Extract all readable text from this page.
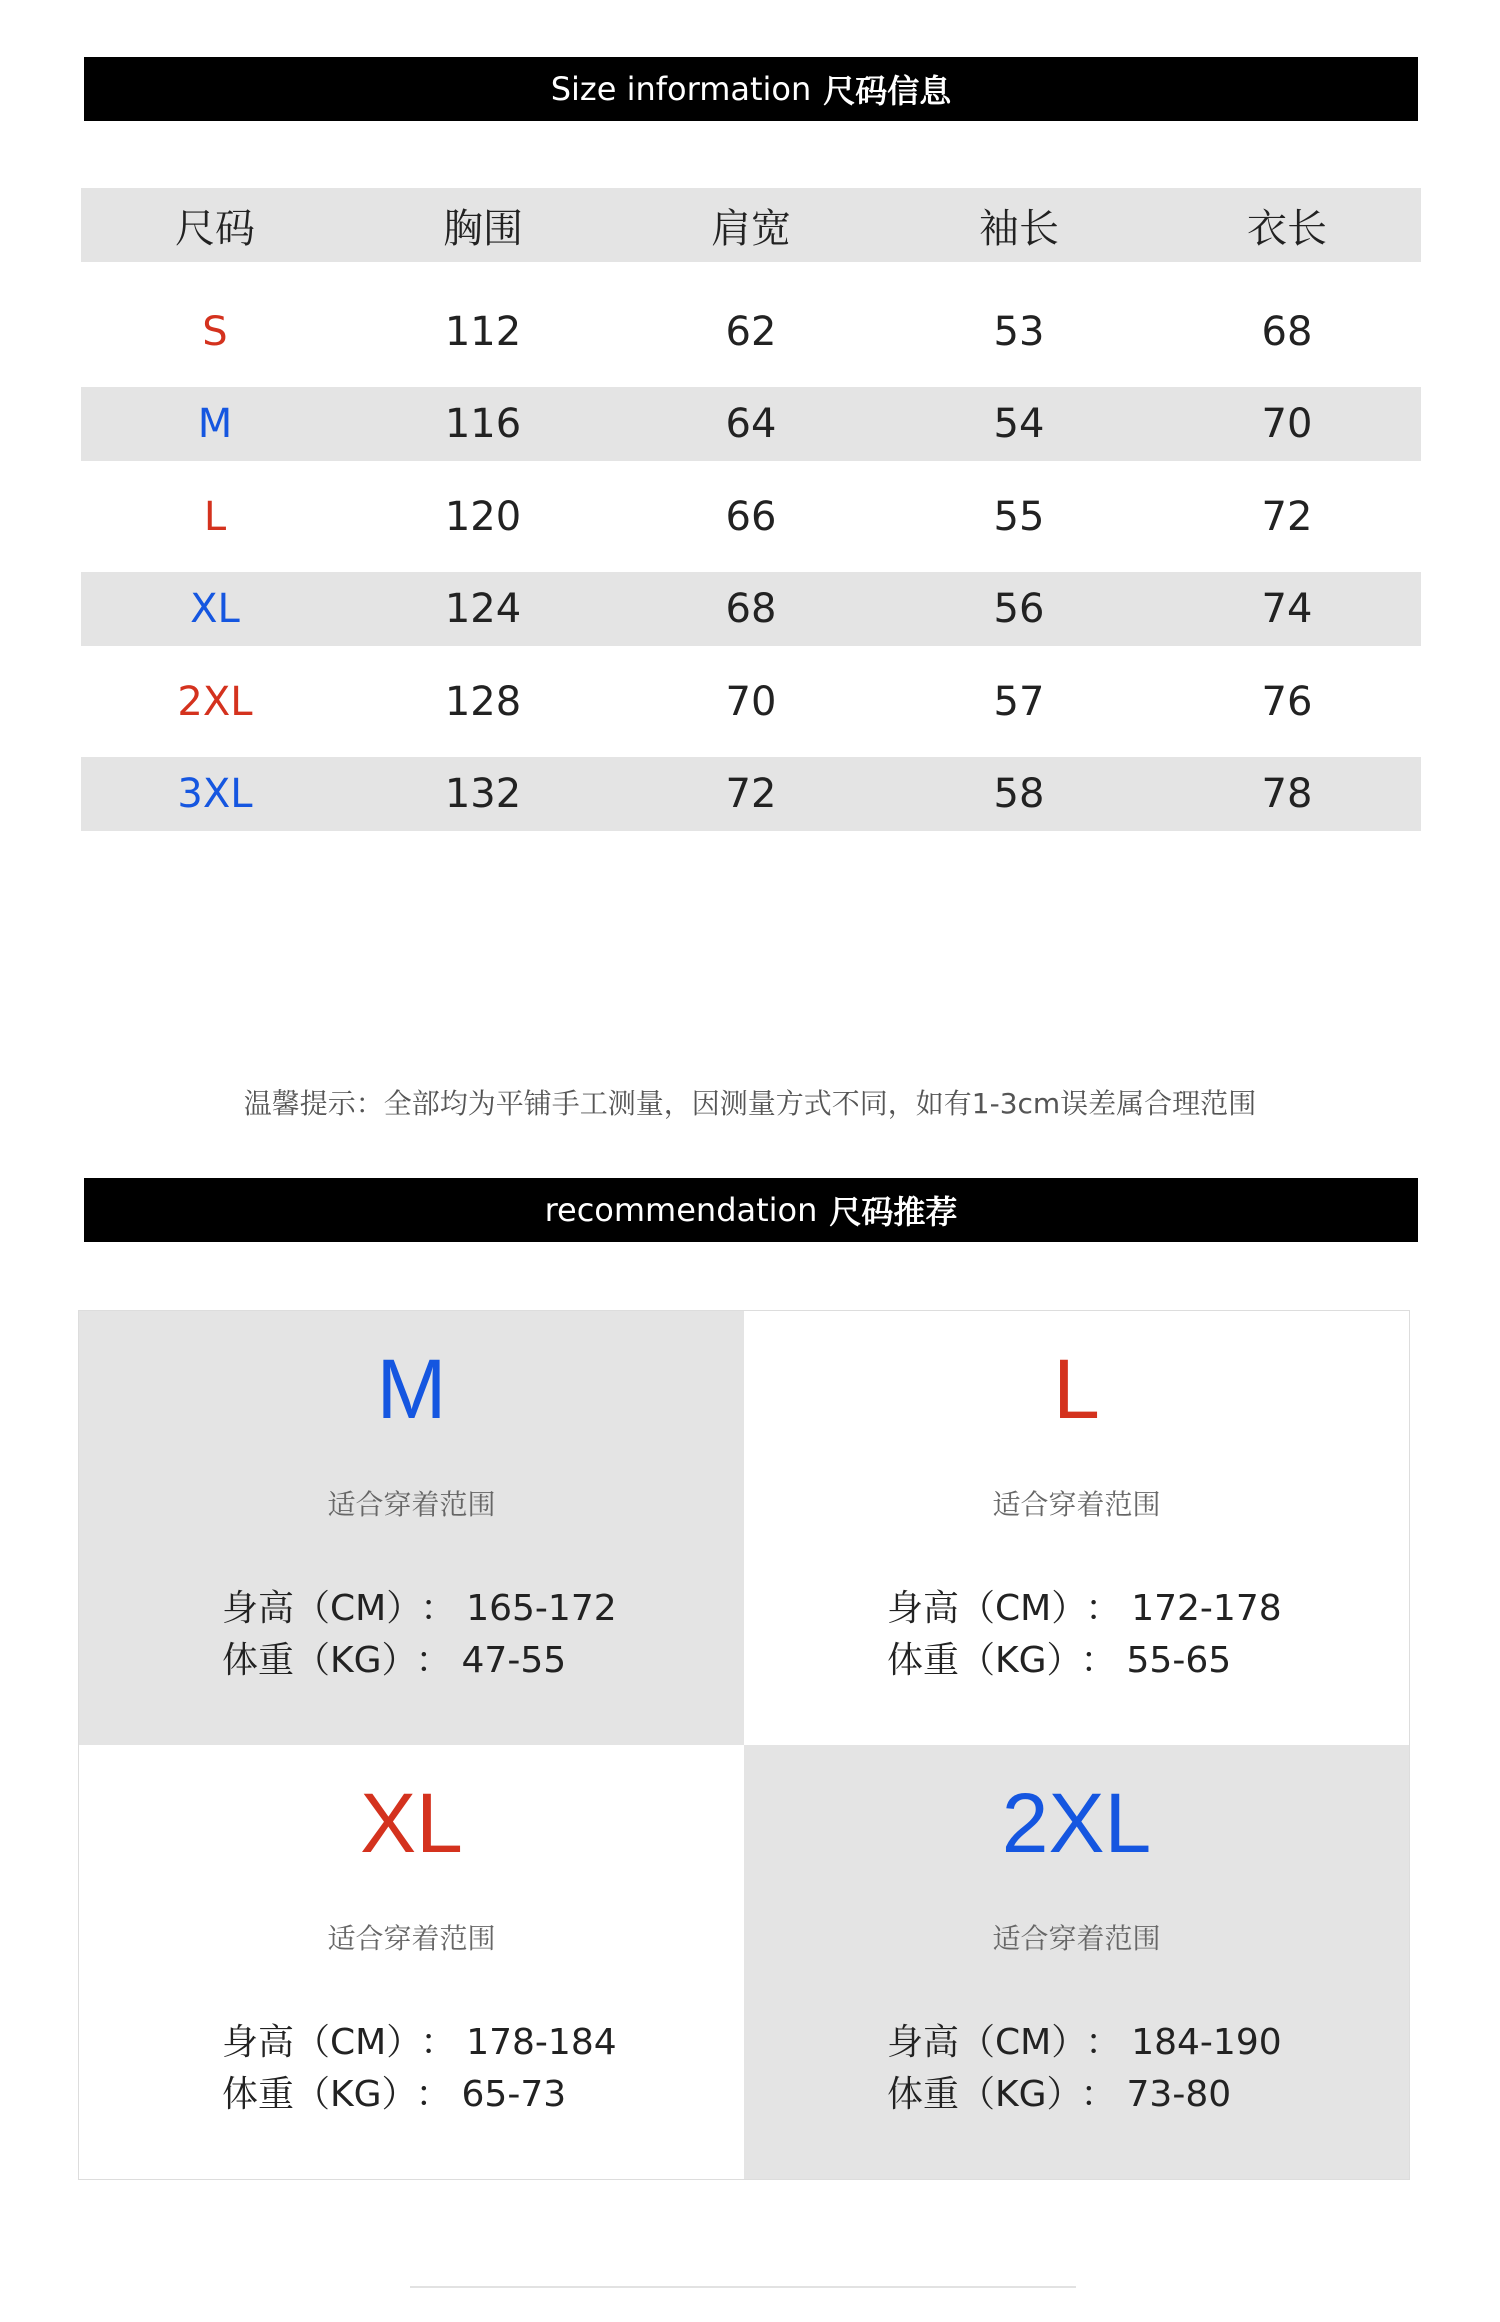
Size information 尺码信息
尺码	胸围	肩宽	袖长	衣长
S	112	62	53	68
M	116	64	54	70
L	120	66	55	72
XL	124	68	56	74
2XL	128	70	57	76
3XL	132	72	58	78
温馨提示：全部均为平铺手工测量，因测量方式不同，如有1-3cm误差属合理范围
recommendation 尺码推荐
M
适合穿着范围
身高（CM） ： 165-172
体重（KG） ： 47-55
L
适合穿着范围
身高（CM） ： 172-178
体重（KG） ： 55-65
XL
适合穿着范围
身高（CM） ： 178-184
体重（KG） ： 65-73
2XL
适合穿着范围
身高（CM） ： 184-190
体重（KG） ： 73-80
